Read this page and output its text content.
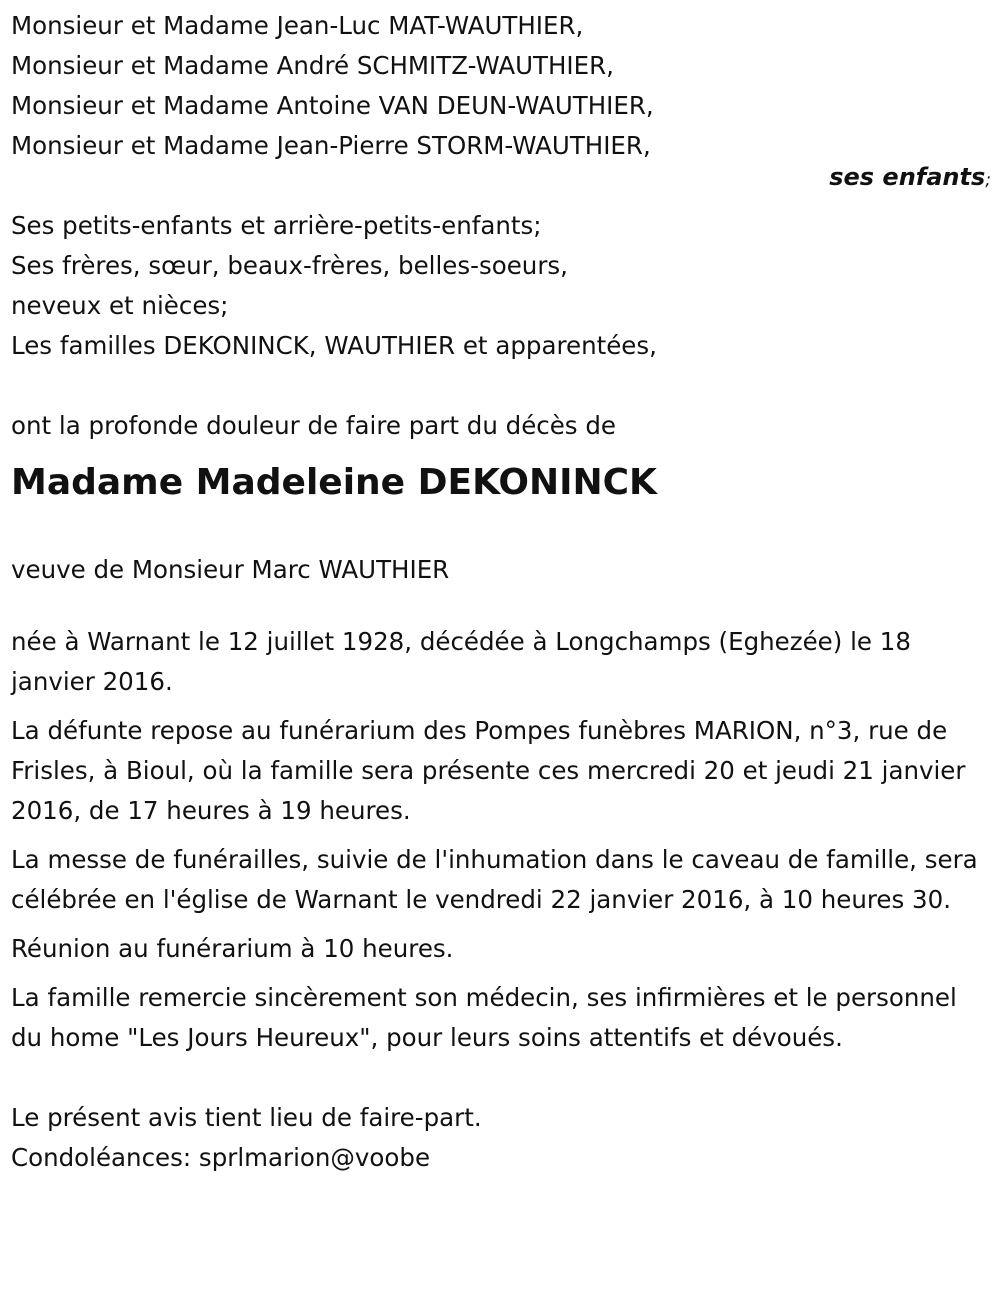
Monsieur et Madame Jean-Luc MAT-WAUTHIER,
Monsieur et Madame André SCHMITZ-WAUTHIER,
Monsieur et Madame Antoine VAN DEUN-WAUTHIER,
Monsieur et Madame Jean-Pierre STORM-WAUTHIER,
ses enfants;
Ses petits-enfants et arrière-petits-enfants;
Ses frères, sœur, beaux-frères, belles-soeurs,
neveux et nièces;
Les familles DEKONINCK, WAUTHIER et apparentées,
ont la profonde douleur de faire part du décès de
Madame Madeleine DEKONINCK
veuve de Monsieur Marc WAUTHIER

née à Warnant le 12 juillet 1928, décédée à Longchamps (Eghezée) le 18 janvier 2016.

La défunte repose au funérarium des Pompes funèbres MARION, n°3, rue de Frisles, à Bioul, où la famille sera présente ces mercredi 20 et jeudi 21 janvier 2016, de 17 heures à 19 heures.

La messe de funérailles, suivie de l'inhumation dans le caveau de famille, sera célébrée en l'église de Warnant le vendredi 22 janvier 2016, à 10 heures 30.

Réunion au funérarium à 10 heures.

La famille remercie sincèrement son médecin, ses infirmières et le personnel du home "Les Jours Heureux", pour leurs soins attentifs et dévoués.

Le présent avis tient lieu de faire-part.
Condoléances: sprlmarion@voobe
